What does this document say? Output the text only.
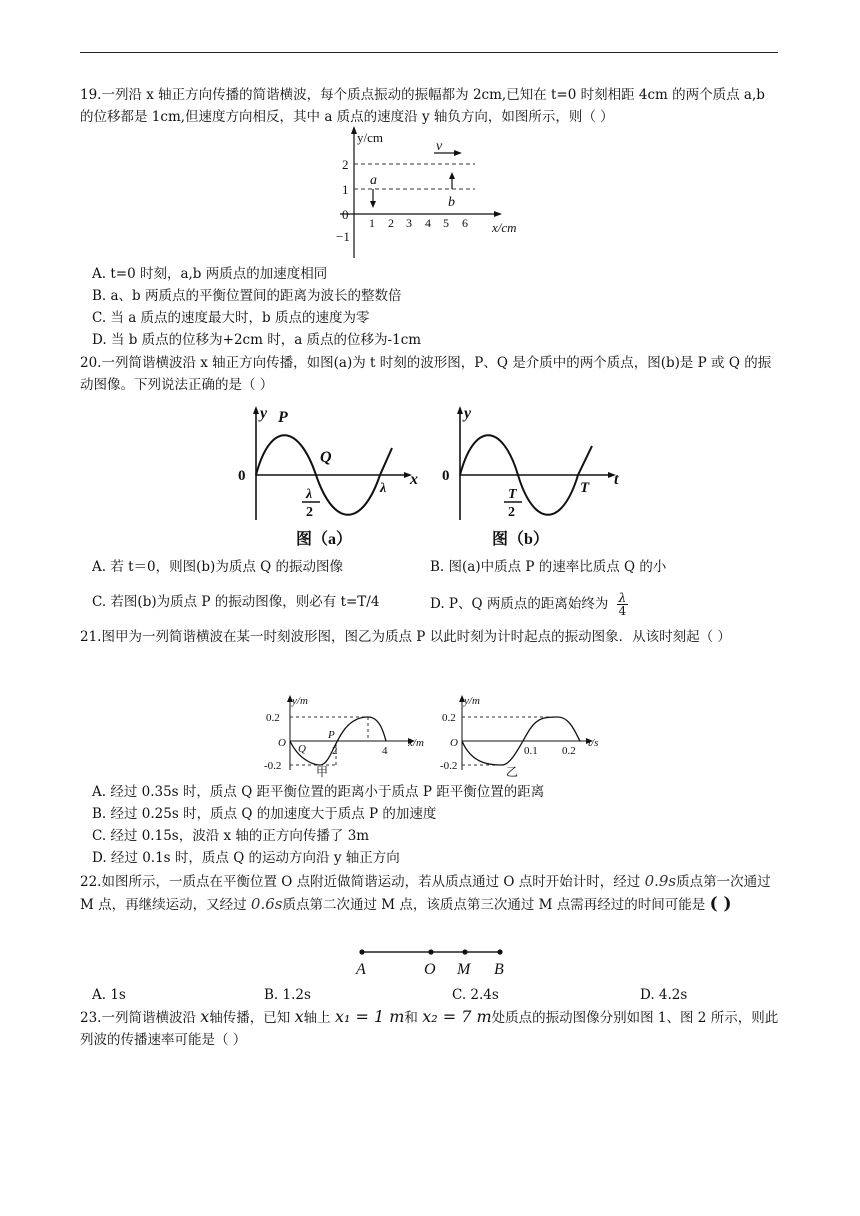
19.一列沿 x 轴正方向传播的简谐横波，每个质点振动的振幅都为 2cm,已知在 t=0 时刻相距 4cm 的两个质点 a,b 的位移都是 1cm,但速度方向相反，其中 a 质点的速度沿 y 轴负方向，如图所示，则（ ）
y/cm
x/cm
2
1
0
−1
1 2 3 4 5 6
v
a
b
A. t=0 时刻，a,b 两质点的加速度相同
B. a、b 两质点的平衡位置间的距离为波长的整数倍
C. 当 a 质点的速度最大时，b 质点的速度为零
D. 当 b 质点的位移为+2cm 时，a 质点的位移为-1cm
20.一列简谐横波沿 x 轴正方向传播，如图(a)为 t 时刻的波形图，P、Q 是介质中的两个质点，图(b)是 P 或 Q 的振动图像。下列说法正确的是（ ）
y P
Q
0	x
λ
2
λ
图（a）
y
0	t
T
2
T
图（b）
A. 若 t＝0，则图(b)为质点 Q 的振动图像	B. 图(a)中质点 P 的速率比质点 Q 的小
C. 若图(b)为质点 P 的振动图像，则必有 t=T/4	D. P、Q 两质点的距离始终为 $\frac{\lambda}{4}$
21.图甲为一列简谐横波在某一时刻波形图，图乙为质点 P 以此时刻为计时起点的振动图象．从该时刻起（ ）
y/m
x/m
O
0.2
-0.2
Q
P
2	4
甲
y/m
t/s
O
0.2
-0.2
0.1 0.2
乙
A. 经过 0.35s 时，质点 Q 距平衡位置的距离小于质点 P 距平衡位置的距离
B. 经过 0.25s 时，质点 Q 的加速度大于质点 P 的加速度
C. 经过 0.15s，波沿 x 轴的正方向传播了 3m
D. 经过 0.1s 时，质点 Q 的运动方向沿 y 轴正方向
22.如图所示，一质点在平衡位置 O 点附近做简谐运动，若从质点通过 O 点时开始计时，经过 0.9s质点第一次通过 M 点，再继续运动，又经过 0.6s质点第二次通过 M 点，该质点第三次通过 M 点需再经过的时间可能是 ( )
A	O M B
A. 1s	B. 1.2s	C. 2.4s	D. 4.2s
23.一列简谐横波沿 x轴传播，已知 x轴上 x₁ = 1 m和 x₂ = 7 m处质点的振动图像分别如图 1、图 2 所示，则此列波的传播速率可能是（ ）
